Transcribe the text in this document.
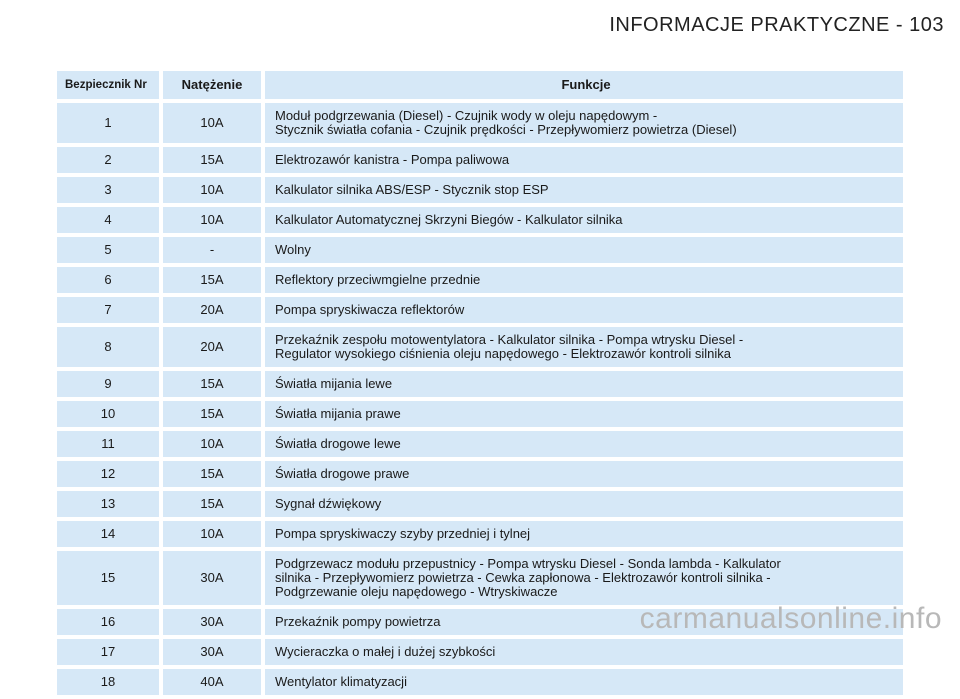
INFORMACJE PRAKTYCZNE - 103
Bezpiecznik Nr	Natężenie	Funkcje
1	10A	Moduł podgrzewania (Diesel) - Czujnik wody w oleju napędowym -
Stycznik światła cofania - Czujnik prędkości - Przepływomierz powietrza (Diesel)

2	15A	Elektrozawór kanistra - Pompa paliwowa

3	10A	Kalkulator silnika ABS/ESP - Stycznik stop ESP

4	10A	Kalkulator Automatycznej Skrzyni Biegów - Kalkulator silnika

5	-	Wolny

6	15A	Reflektory przeciwmgielne przednie

7	20A	Pompa spryskiwacza reflektorów

8	20A	Przekaźnik zespołu motowentylatora - Kalkulator silnika - Pompa wtrysku Diesel -
Regulator wysokiego ciśnienia oleju napędowego - Elektrozawór kontroli silnika

9	15A	Światła mijania lewe

10	15A	Światła mijania prawe

11	10A	Światła drogowe lewe

12	15A	Światła drogowe prawe

13	15A	Sygnał dźwiękowy

14	10A	Pompa spryskiwaczy szyby przedniej i tylnej

15	30A	Podgrzewacz modułu przepustnicy - Pompa wtrysku Diesel - Sonda lambda - Kalkulator
silnika - Przepływomierz powietrza - Cewka zapłonowa - Elektrozawór kontroli silnika -
Podgrzewanie oleju napędowego - Wtryskiwacze

16	30A	Przekaźnik pompy powietrza

17	30A	Wycieraczka o małej i dużej szybkości

18	40A	Wentylator klimatyzacji
carmanualsonline.info
